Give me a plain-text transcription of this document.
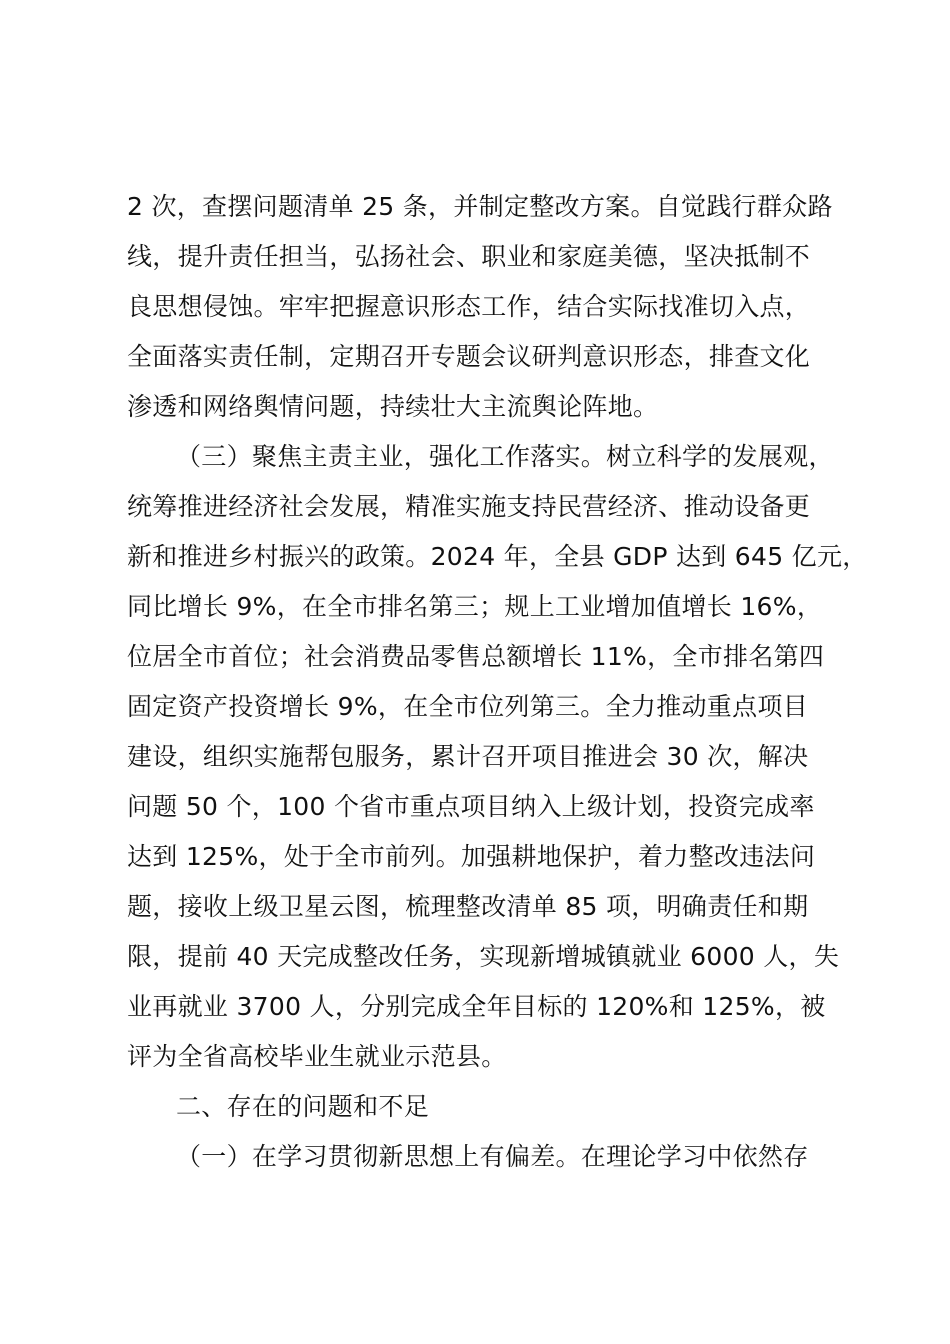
2 次，查摆问题清单 25 条，并制定整改方案。自觉践行群众路
线，提升责任担当，弘扬社会、职业和家庭美德，坚决抵制不
良思想侵蚀。牢牢把握意识形态工作，结合实际找准切入点，
全面落实责任制，定期召开专题会议研判意识形态，排查文化
渗透和网络舆情问题，持续壮大主流舆论阵地。
（三）聚焦主责主业，强化工作落实。树立科学的发展观，
统筹推进经济社会发展，精准实施支持民营经济、推动设备更
新和推进乡村振兴的政策。2024 年，全县 GDP 达到 645 亿元，
同比增长 9%，在全市排名第三；规上工业增加值增长 16%，
位居全市首位；社会消费品零售总额增长 11%，全市排名第四
固定资产投资增长 9%，在全市位列第三。全力推动重点项目
建设，组织实施帮包服务，累计召开项目推进会 30 次，解决
问题 50 个，100 个省市重点项目纳入上级计划，投资完成率
达到 125%，处于全市前列。加强耕地保护，着力整改违法问
题，接收上级卫星云图，梳理整改清单 85 项，明确责任和期
限，提前 40 天完成整改任务，实现新增城镇就业 6000 人，失
业再就业 3700 人，分别完成全年目标的 120%和 125%，被
评为全省高校毕业生就业示范县。
二、存在的问题和不足
（一）在学习贯彻新思想上有偏差。在理论学习中依然存
